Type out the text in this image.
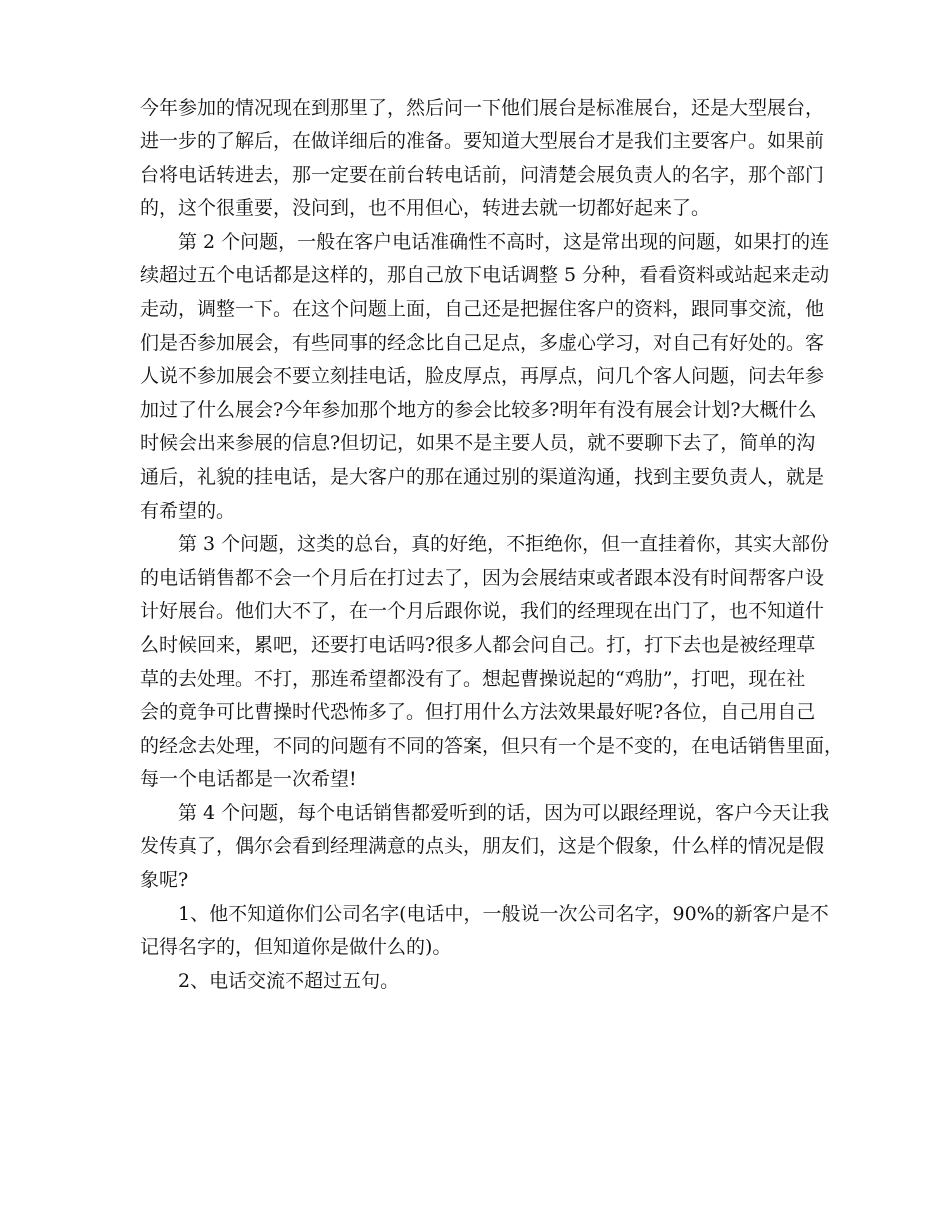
今年参加的情况现在到那里了，然后问一下他们展台是标准展台，还是大型展台，
进一步的了解后，在做详细后的准备。要知道大型展台才是我们主要客户。如果前
台将电话转进去，那一定要在前台转电话前，问清楚会展负责人的名字，那个部门
的，这个很重要，没问到，也不用但心，转进去就一切都好起来了。
第 2 个问题，一般在客户电话准确性不高时，这是常出现的问题，如果打的连
续超过五个电话都是这样的，那自己放下电话调整 5 分种，看看资料或站起来走动
走动，调整一下。在这个问题上面，自己还是把握住客户的资料，跟同事交流，他
们是否参加展会，有些同事的经念比自己足点，多虚心学习，对自己有好处的。客
人说不参加展会不要立刻挂电话，脸皮厚点，再厚点，问几个客人问题，问去年参
加过了什么展会?今年参加那个地方的参会比较多?明年有没有展会计划?大概什么
时候会出来参展的信息?但切记，如果不是主要人员，就不要聊下去了，简单的沟
通后，礼貌的挂电话，是大客户的那在通过别的渠道沟通，找到主要负责人，就是
有希望的。
第 3 个问题，这类的总台，真的好绝，不拒绝你，但一直挂着你，其实大部份
的电话销售都不会一个月后在打过去了，因为会展结束或者跟本没有时间帮客户设
计好展台。他们大不了，在一个月后跟你说，我们的经理现在出门了，也不知道什
么时候回来，累吧，还要打电话吗?很多人都会问自己。打，打下去也是被经理草
草的去处理。不打，那连希望都没有了。想起曹操说起的“鸡肋”，打吧，现在社
会的竟争可比曹操时代恐怖多了。但打用什么方法效果最好呢?各位，自己用自己
的经念去处理，不同的问题有不同的答案，但只有一个是不变的，在电话销售里面，
每一个电话都是一次希望!
第 4 个问题，每个电话销售都爱听到的话，因为可以跟经理说，客户今天让我
发传真了，偶尔会看到经理满意的点头，朋友们，这是个假象，什么样的情况是假
象呢?
1、他不知道你们公司名字(电话中，一般说一次公司名字，90%的新客户是不
记得名字的，但知道你是做什么的)。
2、电话交流不超过五句。
